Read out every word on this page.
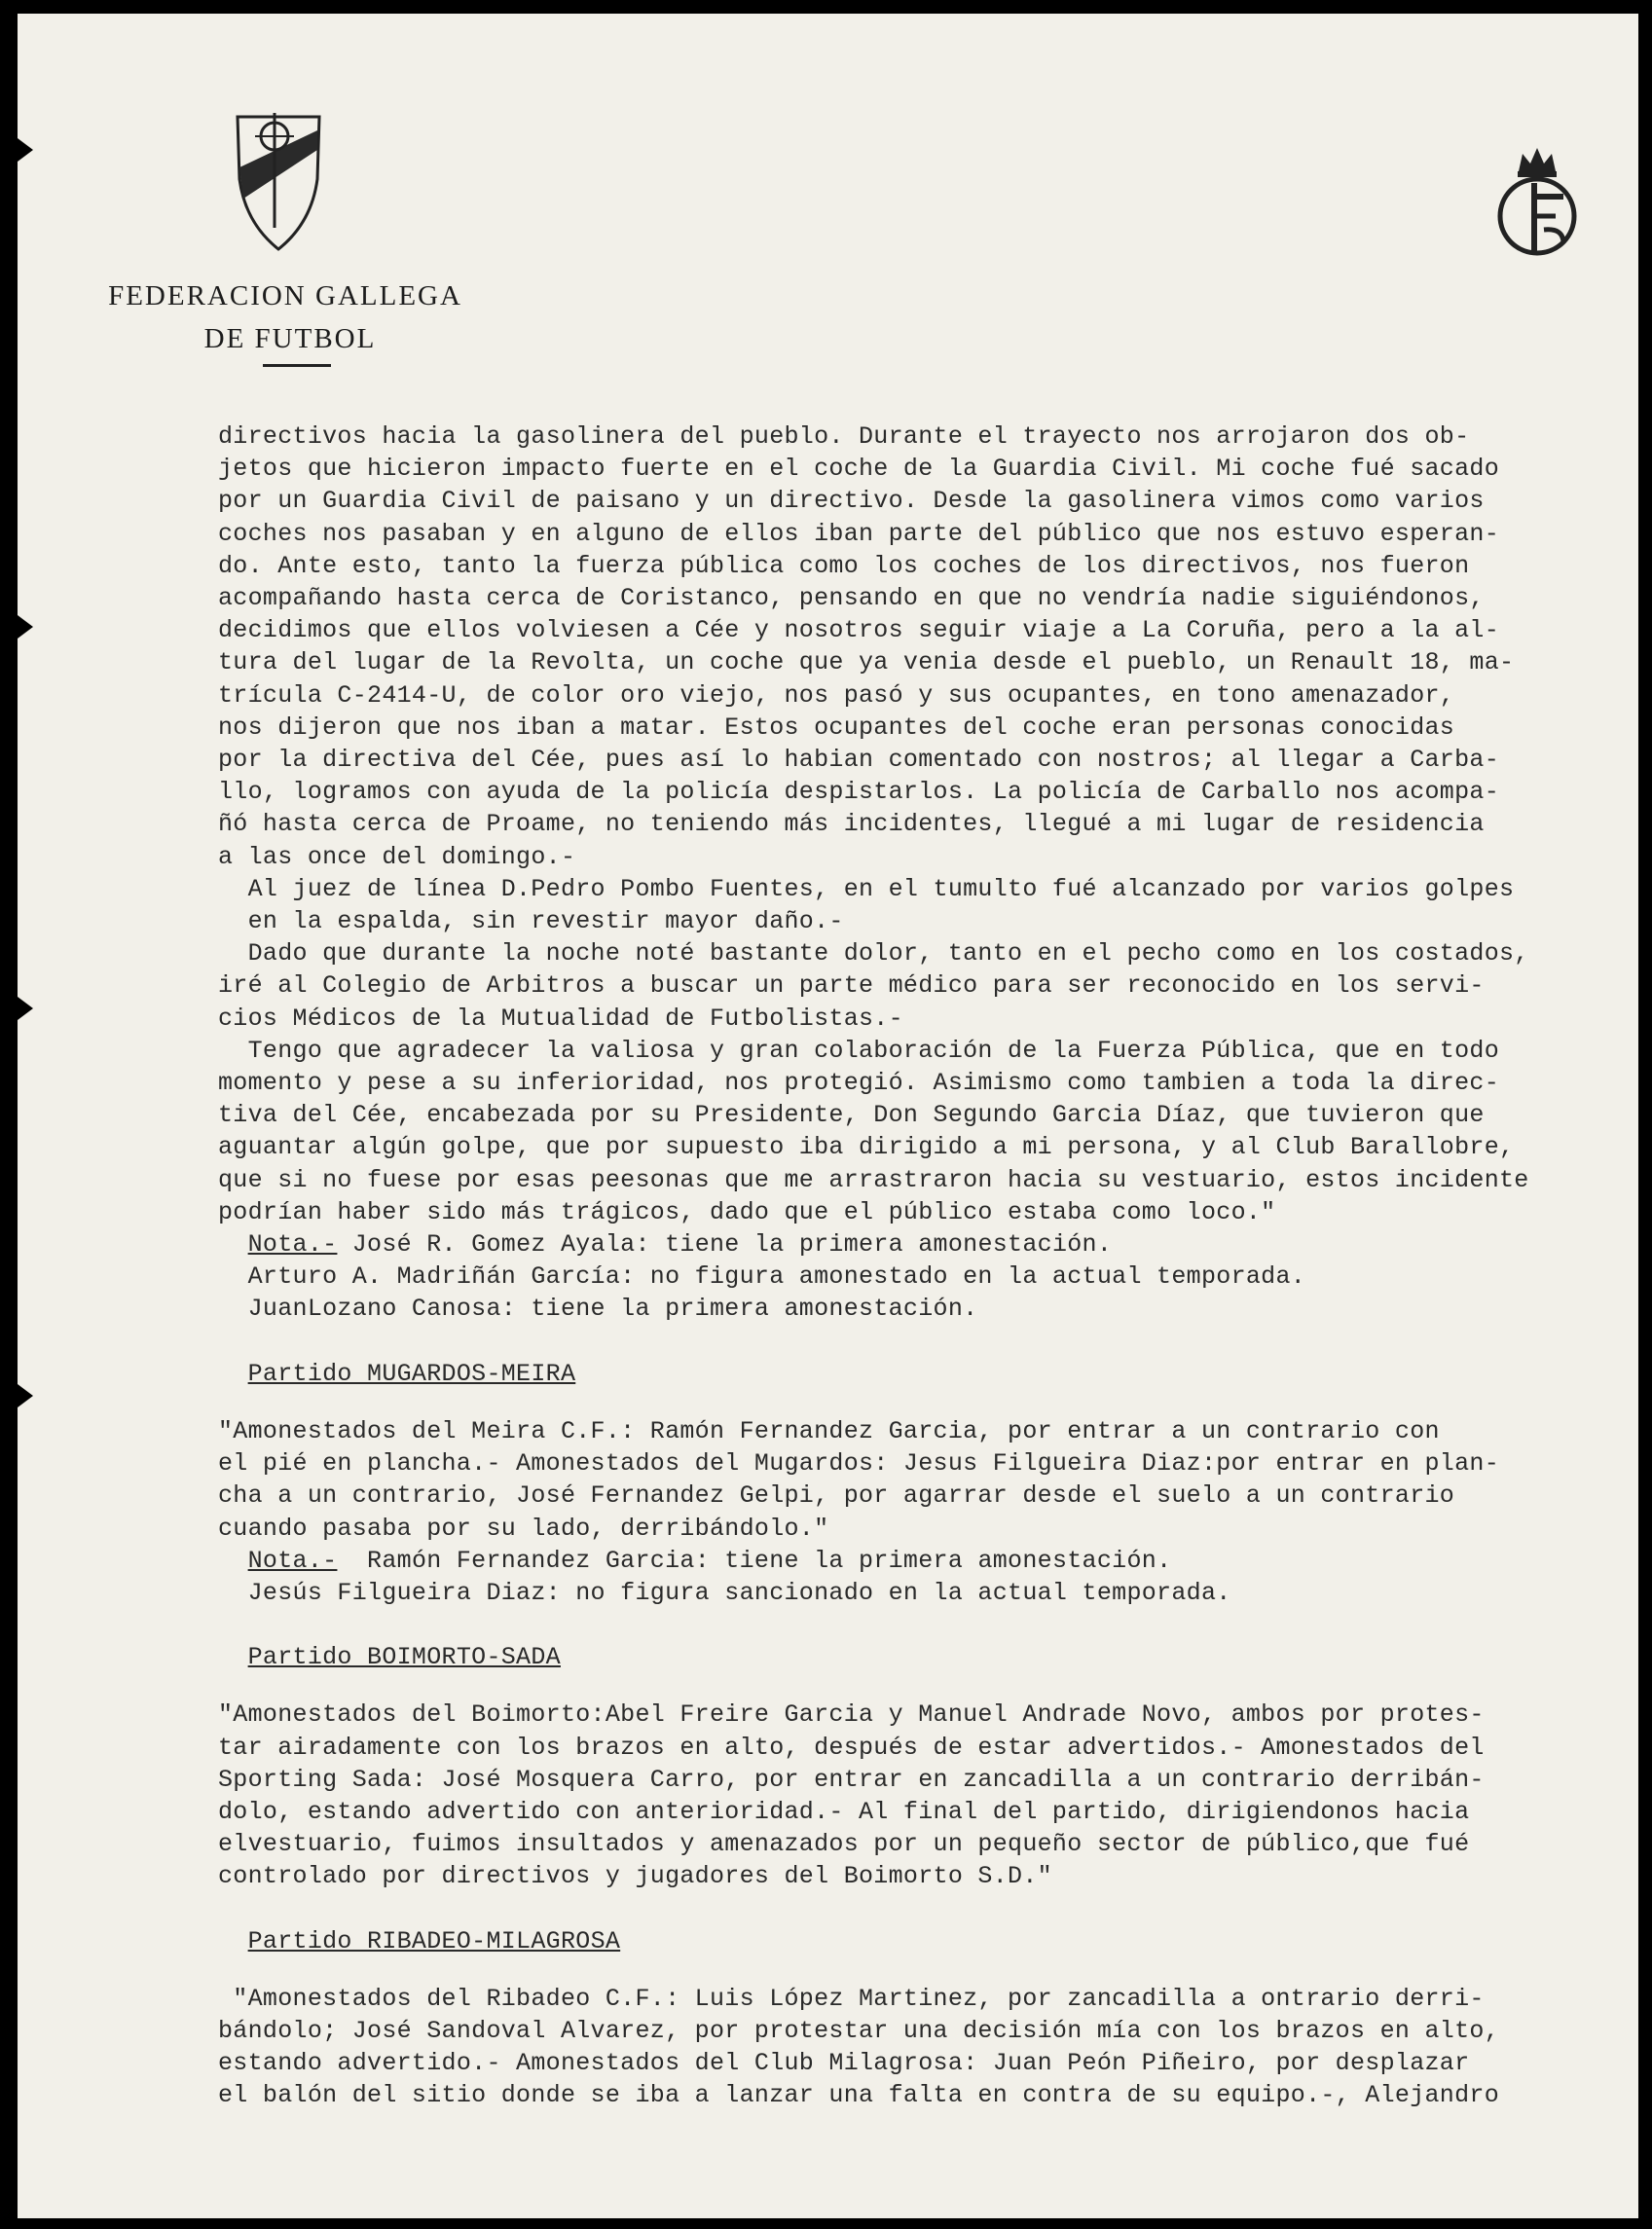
FEDERACION GALLEGA
DE FUTBOL

directivos hacia la gasolinera del pueblo. Durante el trayecto nos arrojaron dos ob-

jetos que hicieron impacto fuerte en el coche de la Guardia Civil. Mi coche fué sacado

por un Guardia Civil de paisano y un directivo. Desde la gasolinera vimos como varios

coches nos pasaban y en alguno de ellos iban parte del público que nos estuvo esperan-

do. Ante esto, tanto la fuerza pública como los coches de los directivos, nos fueron

acompañando hasta cerca de Coristanco, pensando en que no vendría nadie siguiéndonos,

decidimos que ellos volviesen a Cée y nosotros seguir viaje a La Coruña, pero a la al-

tura del lugar de la Revolta, un coche que ya venia desde el pueblo, un Renault 18, ma-

trícula C-2414-U, de color oro viejo, nos pasó y sus ocupantes, en tono amenazador,

nos dijeron que nos iban a matar. Estos ocupantes del coche eran personas conocidas

por la directiva del Cée, pues así lo habian comentado con nostros; al llegar a Carba-

llo, logramos con ayuda de la policía despistarlos. La policía de Carballo nos acompa-

ñó hasta cerca de Proame, no teniendo más incidentes, llegué a mi lugar de residencia

a las once del domingo.-

Al juez de línea D.Pedro Pombo Fuentes, en el tumulto fué alcanzado por varios golpes

en la espalda, sin revestir mayor daño.-

Dado que durante la noche noté bastante dolor, tanto en el pecho como en los costados,

iré al Colegio de Arbitros a buscar un parte médico para ser reconocido en los servi-

cios Médicos de la Mutualidad de Futbolistas.-

Tengo que agradecer la valiosa y gran colaboración de la Fuerza Pública, que en todo

momento y pese a su inferioridad, nos protegió. Asimismo como tambien a toda la direc-

tiva del Cée, encabezada por su Presidente, Don Segundo Garcia Díaz, que tuvieron que

aguantar algún golpe, que por supuesto iba dirigido a mi persona, y al Club Barallobre,

que si no fuese por esas peesonas que me arrastraron hacia su vestuario, estos incidente

podrían haber sido más trágicos, dado que el público estaba como loco."

Nota.- José R. Gomez Ayala: tiene la primera amonestación.

Arturo A. Madriñán García: no figura amonestado en la actual temporada.

JuanLozano Canosa: tiene la primera amonestación.

Partido MUGARDOS-MEIRA

"Amonestados del Meira C.F.: Ramón Fernandez Garcia, por entrar a un contrario con

el pié en plancha.- Amonestados del Mugardos: Jesus Filgueira Diaz:por entrar en plan-

cha a un contrario, José Fernandez Gelpi, por agarrar desde el suelo a un contrario

cuando pasaba por su lado, derribándolo."

Nota.-  Ramón Fernandez Garcia: tiene la primera amonestación.

Jesús Filgueira Diaz: no figura sancionado en la actual temporada.

Partido BOIMORTO-SADA

"Amonestados del Boimorto:Abel Freire Garcia y Manuel Andrade Novo, ambos por protes-

tar airadamente con los brazos en alto, después de estar advertidos.- Amonestados del

Sporting Sada: José Mosquera Carro, por entrar en zancadilla a un contrario derribán-

dolo, estando advertido con anterioridad.- Al final del partido, dirigiendonos hacia

elvestuario, fuimos insultados y amenazados por un pequeño sector de público,que fué

controlado por directivos y jugadores del Boimorto S.D."

Partido RIBADEO-MILAGROSA

"Amonestados del Ribadeo C.F.: Luis López Martinez, por zancadilla a ontrario derri-

bándolo; José Sandoval Alvarez, por protestar una decisión mía con los brazos en alto,

estando advertido.- Amonestados del Club Milagrosa: Juan Peón Piñeiro, por desplazar

el balón del sitio donde se iba a lanzar una falta en contra de su equipo.-, Alejandro
